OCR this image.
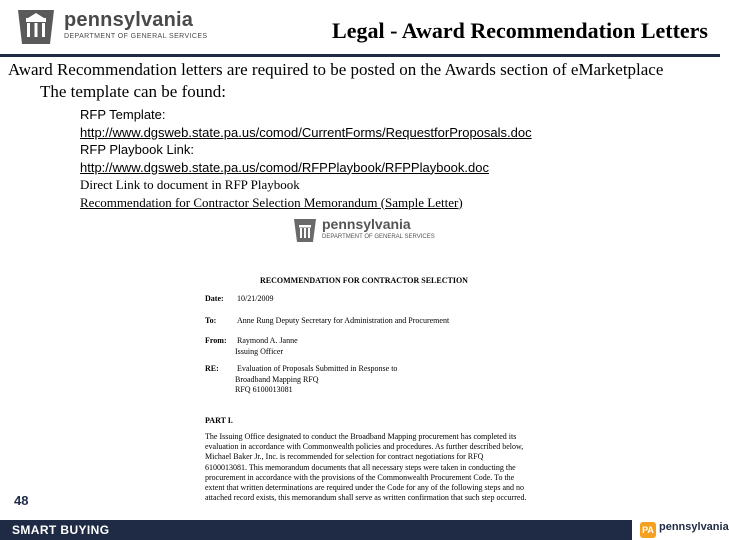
pennsylvania
DEPARTMENT OF GENERAL SERVICES	Legal - Award Recommendation Letters
Award Recommendation letters are required to be posted on the Awards section of eMarketplace
The template can be found:
RFP Template:
http://www.dgsweb.state.pa.us/comod/CurrentForms/RequestforProposals.doc
RFP Playbook Link:
http://www.dgsweb.state.pa.us/comod/RFPPlaybook/RFPPlaybook.doc
Direct Link to document in RFP Playbook
Recommendation for Contractor Selection Memorandum (Sample Letter)
pennsylvania
DEPARTMENT OF GENERAL SERVICES
RECOMMENDATION FOR CONTRACTOR SELECTION
Date: 10/21/2009
To:	Anne Rung Deputy Secretary for Administration and Procurement
From: Raymond A. Janne
Issuing Officer
RE: Evaluation of Proposals Submitted in Response to
Broadband Mapping RFQ
RFQ 6100013081
PART I.
The Issuing Office designated to conduct the Broadband Mapping procurement has completed its evaluation in accordance with Commonwealth policies and procedures. As further described below, Michael Baker Jr., Inc. is recommended for selection for contract negotiations for RFQ 6100013081. This memorandum documents that all necessary steps were taken in conducting the procurement in accordance with the provisions of the Commonwealth Procurement Code. To the extent that written determinations are required under the Code for any of the following steps and no attached record exists, this memorandum shall serve as written confirmation that such step occurred.
48
SMART BUYING	PA pennsylvania
